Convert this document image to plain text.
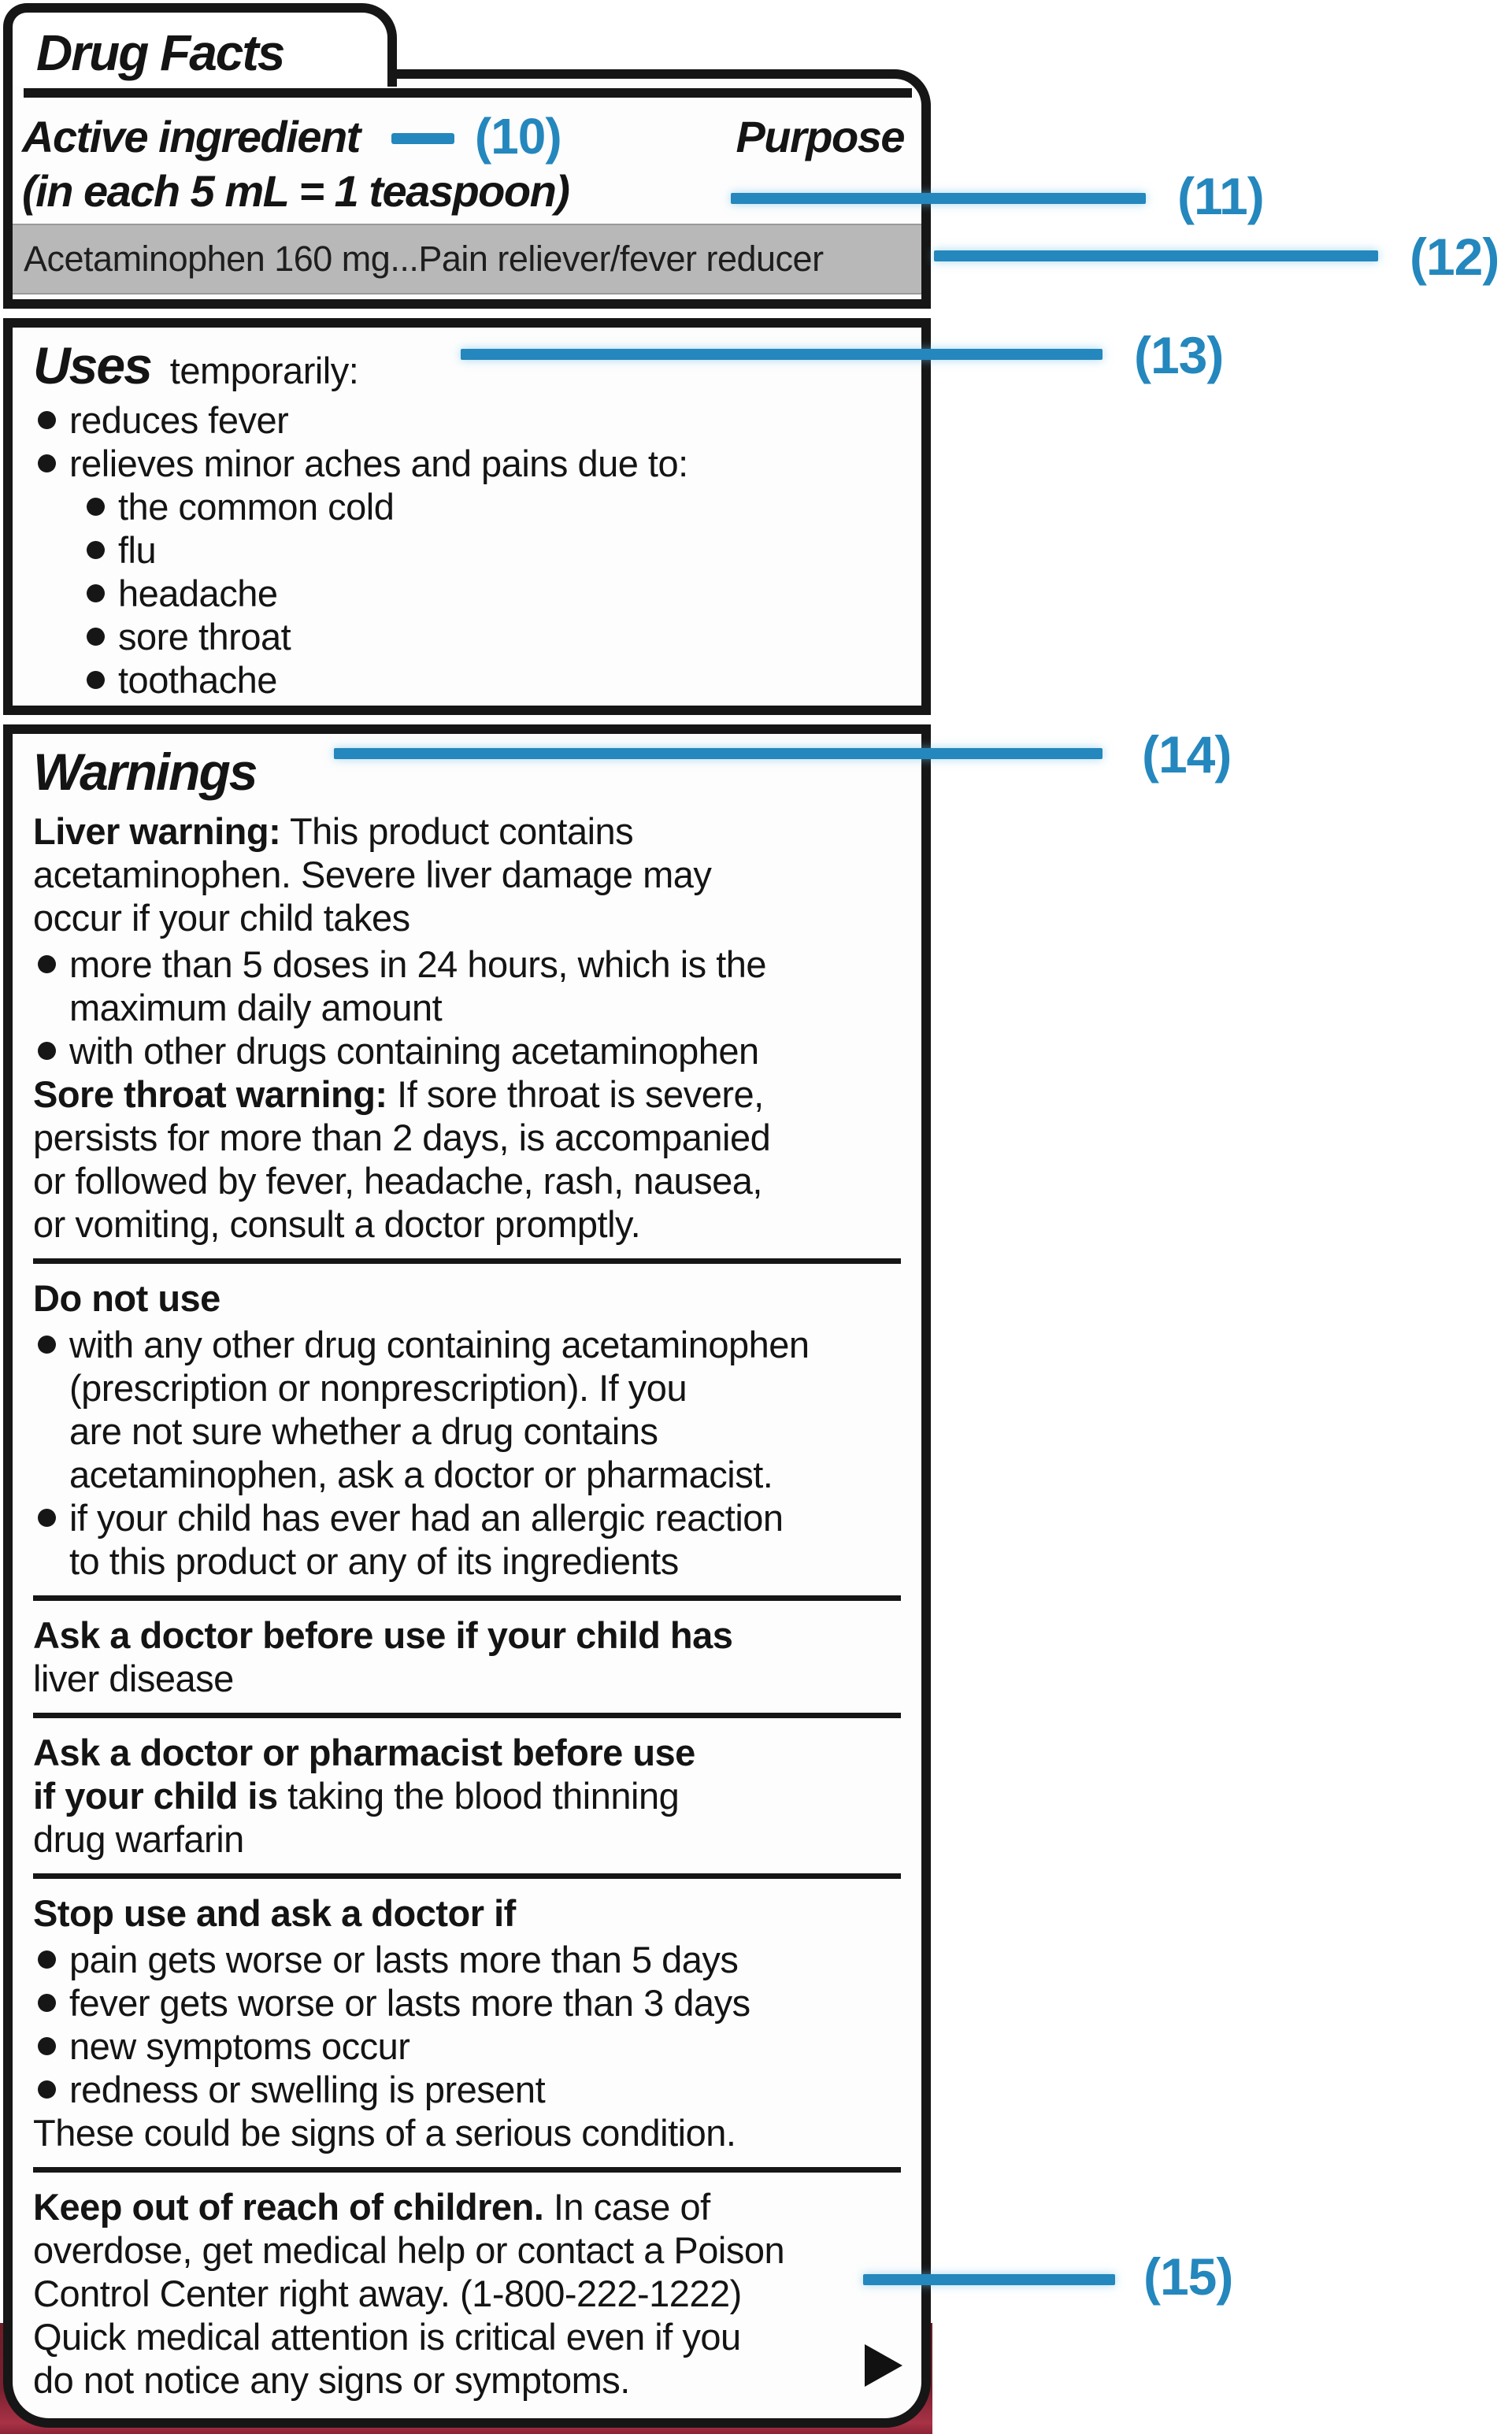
Drug Facts
Active ingredient (10)	Purpose
(in each 5 mL = 1 teaspoon)
Acetaminophen 160 mg...Pain reliever/fever reducer
Uses temporarily:
reduces fever
relieves minor aches and pains due to:
the common cold
flu
headache
sore throat
toothache
Warnings
Liver warning: This product contains
acetaminophen. Severe liver damage may
occur if your child takes
more than 5 doses in 24 hours, which is the
maximum daily amount
with other drugs containing acetaminophen
Sore throat warning: If sore throat is severe,
persists for more than 2 days, is accompanied
or followed by fever, headache, rash, nausea,
or vomiting, consult a doctor promptly.
Do not use
with any other drug containing acetaminophen
(prescription or nonprescription). If you
are not sure whether a drug contains
acetaminophen, ask a doctor or pharmacist.
if your child has ever had an allergic reaction
to this product or any of its ingredients
Ask a doctor before use if your child has
liver disease
Ask a doctor or pharmacist before use
if your child is taking the blood thinning
drug warfarin
Stop use and ask a doctor if
pain gets worse or lasts more than 5 days
fever gets worse or lasts more than 3 days
new symptoms occur
redness or swelling is present
These could be signs of a serious condition.
Keep out of reach of children. In case of
overdose, get medical help or contact a Poison
Control Center right away. (1-800-222-1222)
Quick medical attention is critical even if you
do not notice any signs or symptoms.
(11)
(12)
(13)
(14)
(15)
